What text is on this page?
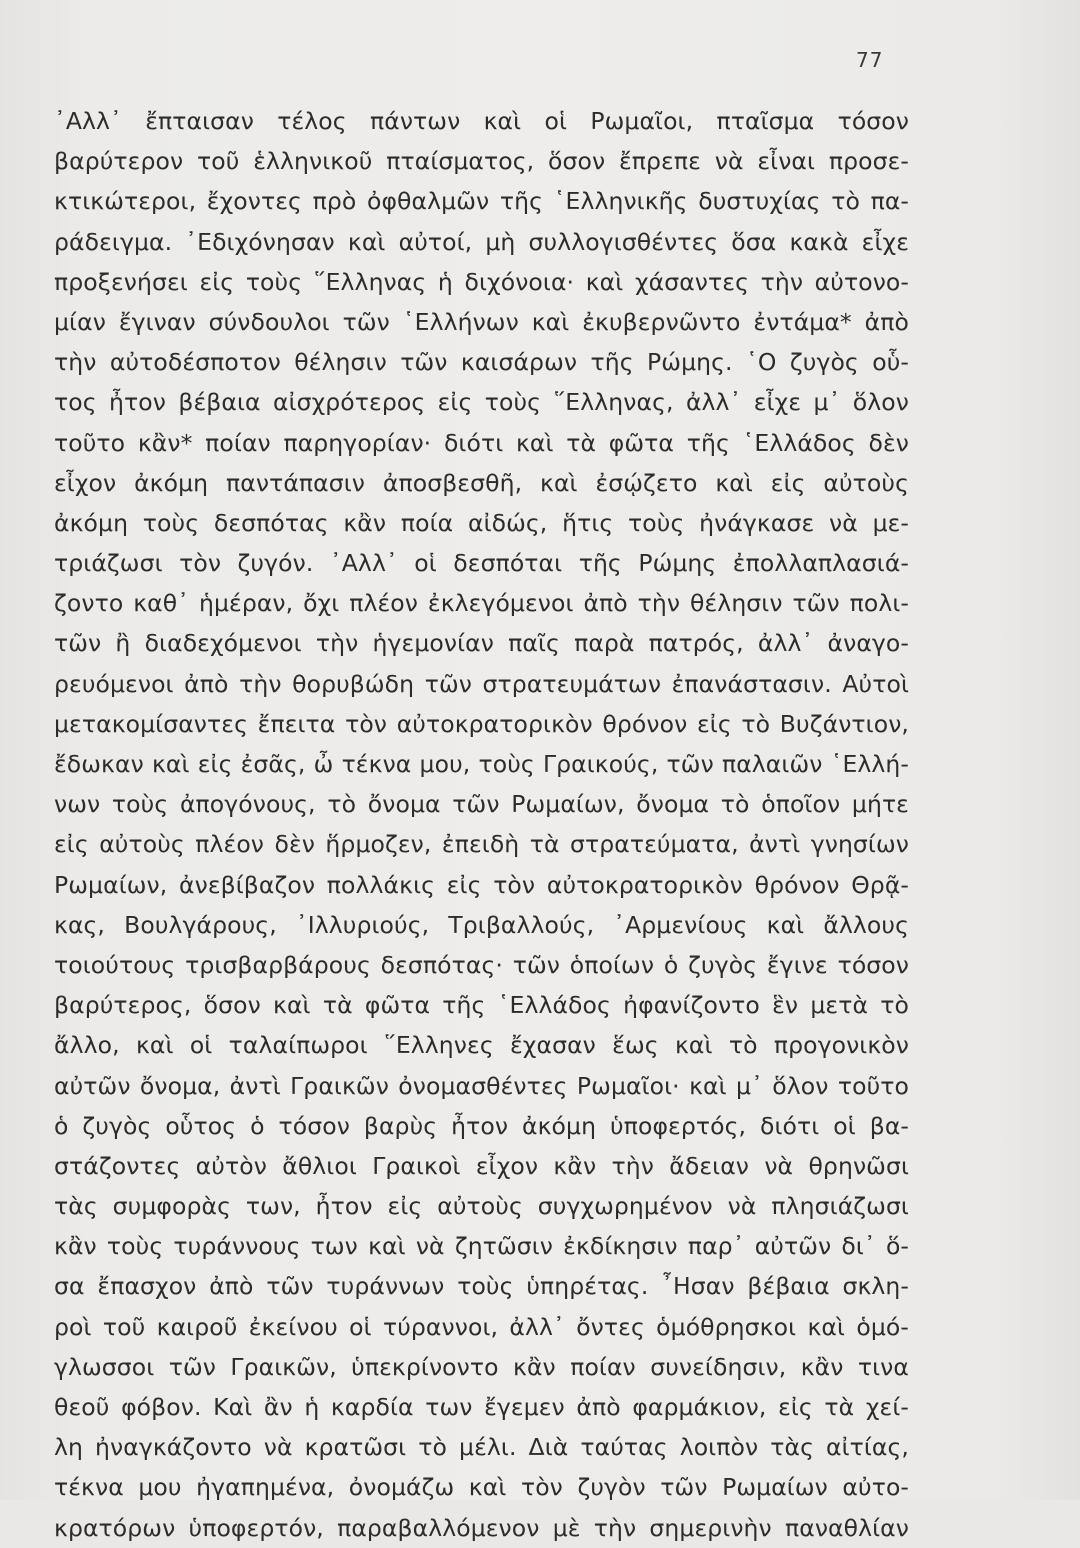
77
᾽Αλλ᾽ ἔπταισαν τέλος πάντων καὶ οἱ Ρωμαῖοι, πταῖσμα τόσον
βαρύτερον τοῦ ἑλληνικοῦ πταίσματος, ὅσον ἔπρεπε νὰ εἶναι προσε-
κτικώτεροι, ἔχοντες πρὸ ὀφθαλμῶν τῆς ῾Ελληνικῆς δυστυχίας τὸ πα-
ράδειγμα. ᾽Εδιχόνησαν καὶ αὐτοί, μὴ συλλογισθέντες ὅσα κακὰ εἶχε
προξενήσει εἰς τοὺς ῞Ελληνας ἡ διχόνοια· καὶ χάσαντες τὴν αὐτονο-
μίαν ἔγιναν σύνδουλοι τῶν ῾Ελλήνων καὶ ἐκυβερνῶντο ἐντάμα* ἀπὸ
τὴν αὐτοδέσποτον θέλησιν τῶν καισάρων τῆς Ρώμης. ῾Ο ζυγὸς οὗ-
τος ἦτον βέβαια αἰσχρότερος εἰς τοὺς ῞Ελληνας, ἀλλ᾽ εἶχε μ᾽ ὅλον
τοῦτο κἂν* ποίαν παρηγορίαν· διότι καὶ τὰ φῶτα τῆς ῾Ελλάδος δὲν
εἶχον ἀκόμη παντάπασιν ἀποσβεσθῆ, καὶ ἐσῴζετο καὶ εἰς αὐτοὺς
ἀκόμη τοὺς δεσπότας κἂν ποία αἰδώς, ἥτις τοὺς ἠνάγκασε νὰ με-
τριάζωσι τὸν ζυγόν. ᾽Αλλ᾽ οἱ δεσπόται τῆς Ρώμης ἐπολλαπλασιά-
ζοντο καθ᾽ ἡμέραν, ὄχι πλέον ἐκλεγόμενοι ἀπὸ τὴν θέλησιν τῶν πολι-
τῶν ἢ διαδεχόμενοι τὴν ἡγεμονίαν παῖς παρὰ πατρός, ἀλλ᾽ ἀναγο-
ρευόμενοι ἀπὸ τὴν θορυβώδη τῶν στρατευμάτων ἐπανάστασιν. Αὐτοὶ
μετακομίσαντες ἔπειτα τὸν αὐτοκρατορικὸν θρόνον εἰς τὸ Βυζάντιον,
ἔδωκαν καὶ εἰς ἐσᾶς, ὦ τέκνα μου, τοὺς Γραικούς, τῶν παλαιῶν ῾Ελλή-
νων τοὺς ἀπογόνους, τὸ ὄνομα τῶν Ρωμαίων, ὄνομα τὸ ὁποῖον μήτε
εἰς αὐτοὺς πλέον δὲν ἥρμοζεν, ἐπειδὴ τὰ στρατεύματα, ἀντὶ γνησίων
Ρωμαίων, ἀνεβίβαζον πολλάκις εἰς τὸν αὐτοκρατορικὸν θρόνον Θρᾷ-
κας, Βουλγάρους, ᾽Ιλλυριούς, Τριβαλλούς, ᾽Αρμενίους καὶ ἄλλους
τοιούτους τρισβαρβάρους δεσπότας· τῶν ὁποίων ὁ ζυγὸς ἔγινε τόσον
βαρύτερος, ὅσον καὶ τὰ φῶτα τῆς ῾Ελλάδος ἠφανίζοντο ἓν μετὰ τὸ
ἄλλο, καὶ οἱ ταλαίπωροι ῞Ελληνες ἔχασαν ἕως καὶ τὸ προγονικὸν
αὐτῶν ὄνομα, ἀντὶ Γραικῶν ὀνομασθέντες Ρωμαῖοι· καὶ μ᾽ ὅλον τοῦτο
ὁ ζυγὸς οὗτος ὁ τόσον βαρὺς ἦτον ἀκόμη ὑποφερτός, διότι οἱ βα-
στάζοντες αὐτὸν ἄθλιοι Γραικοὶ εἶχον κἂν τὴν ἄδειαν νὰ θρηνῶσι
τὰς συμφορὰς των, ἦτον εἰς αὐτοὺς συγχωρημένον νὰ πλησιάζωσι
κἂν τοὺς τυράννους των καὶ νὰ ζητῶσιν ἐκδίκησιν παρ᾽ αὐτῶν δι᾽ ὅ-
σα ἔπασχον ἀπὸ τῶν τυράννων τοὺς ὑπηρέτας. ῏Ησαν βέβαια σκλη-
ροὶ τοῦ καιροῦ ἐκείνου οἱ τύραννοι, ἀλλ᾽ ὄντες ὁμόθρησκοι καὶ ὁμό-
γλωσσοι τῶν Γραικῶν, ὑπεκρίνοντο κἂν ποίαν συνείδησιν, κἂν τινα
θεοῦ φόβον. Καὶ ἂν ἡ καρδία των ἔγεμεν ἀπὸ φαρμάκιον, εἰς τὰ χεί-
λη ἠναγκάζοντο νὰ κρατῶσι τὸ μέλι. Διὰ ταύτας λοιπὸν τὰς αἰτίας,
τέκνα μου ἠγαπημένα, ὀνομάζω καὶ τὸν ζυγὸν τῶν Ρωμαίων αὐτο-
κρατόρων ὑποφερτόν, παραβαλλόμενον μὲ τὴν σημερινὴν παναθλίαν
